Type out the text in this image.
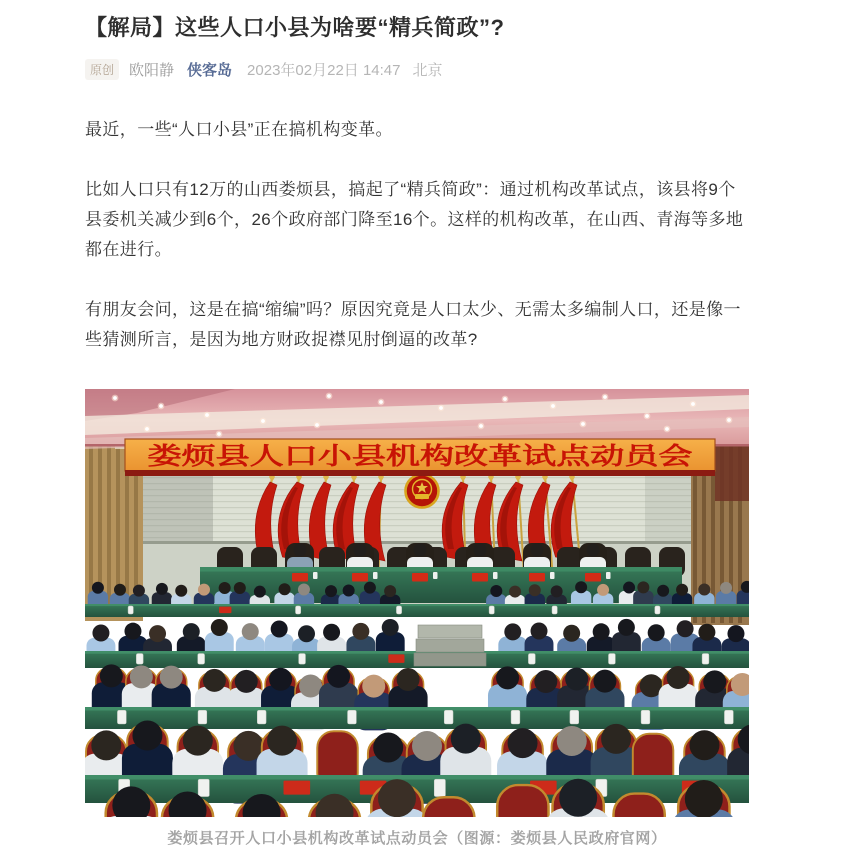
【解局】这些人口小县为啥要“精兵简政”?
原创	欧阳静 侠客岛 2023年02月22日 14:47 北京

最近，一些“人口小县”正在搞机构变革。

比如人口只有12万的山西娄烦县，搞起了“精兵简政”：通过机构改革试点，该县将9个县委机关减少到6个，26个政府部门降至16个。这样的机构改革，在山西、青海等多地都在进行。

有朋友会问，这是在搞“缩编”吗？原因究竟是人口太少、无需太多编制人口，还是像一些猜测所言，是因为地方财政捉襟见肘倒逼的改革?

娄烦县人口小县机构改革试点动员会
娄烦县召开人口小县机构改革试点动员会（图源：娄烦县人民政府官网）
